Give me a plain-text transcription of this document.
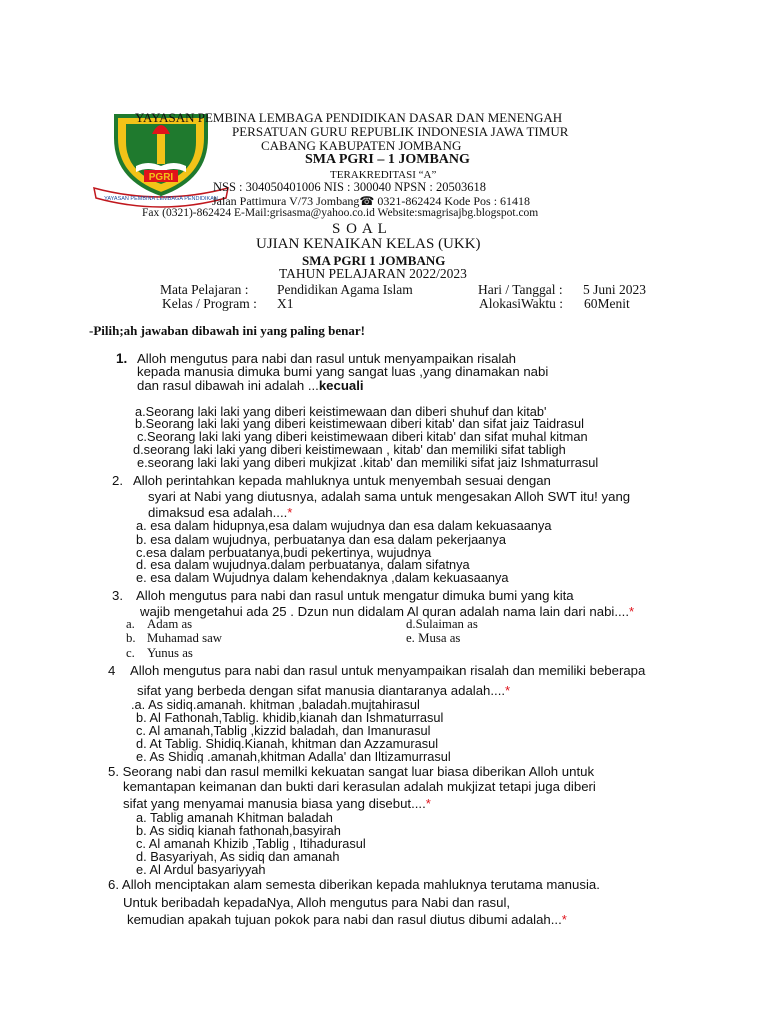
YAYASAN PEMBINA LEMBAGA PENDIDIKAN
PGRI
YAYASAN PEMBINA LEMBAGA PENDIDIKAN DASAR DAN MENENGAH
PERSATUAN GURU REPUBLIK INDONESIA JAWA TIMUR
CABANG KABUPATEN JOMBANG
SMA PGRI – 1 JOMBANG
TERAKREDITASI “A”
NSS : 304050401006 NIS : 300040 NPSN : 20503618
Jalan Pattimura V/73 Jombang☎ 0321-862424 Kode Pos : 61418
Fax (0321)-862424 E-Mail:grisasma@yahoo.co.id Website:smagrisajbg.blogspot.com
S O A L
UJIAN KENAIKAN KELAS (UKK)
SMA PGRI 1 JOMBANG
TAHUN PELAJARAN 2022/2023
Mata Pelajaran : Pendidikan Agama Islam	Hari / Tanggal : 5 Juni 2023
Kelas / Program : X1	AlokasiWaktu : 60Menit
-Pilih;ah jawaban dibawah ini yang paling benar!
1. Alloh mengutus para nabi dan rasul untuk menyampaikan risalah
kepada manusia dimuka bumi yang sangat luas ,yang dinamakan nabi
dan rasul dibawah ini adalah ...kecuali
a.Seorang laki laki yang diberi keistimewaan dan diberi shuhuf dan kitab'
b.Seorang laki laki yang diberi keistimewaan diberi kitab' dan sifat jaiz Taidrasul
c.Seorang laki laki yang diberi keistimewaan diberi kitab' dan sifat muhal kitman
d.seorang laki laki yang diberi keistimewaan , kitab' dan memiliki sifat tabligh
e.seorang laki laki yang diberi mukjizat .kitab' dan memiliki sifat jaiz Ishmaturrasul
2. Alloh perintahkan kepada mahluknya untuk menyembah sesuai dengan
syari at Nabi yang diutusnya, adalah sama untuk mengesakan Alloh SWT itu! yang
dimaksud esa adalah....*
a. esa dalam hidupnya,esa dalam wujudnya dan esa dalam kekuasaanya
b. esa dalam wujudnya, perbuatanya dan esa dalam pekerjaanya
c.esa dalam perbuatanya,budi pekertinya, wujudnya
d. esa dalam wujudnya.dalam perbuatanya, dalam sifatnya
e. esa dalam Wujudnya dalam kehendaknya ,dalam kekuasaanya
3. Alloh mengutus para nabi dan rasul untuk mengatur dimuka bumi yang kita
wajib mengetahui ada 25 . Dzun nun didalam Al quran adalah nama lain dari nabi....*
a. Adam as
b. Muhamad saw
c. Yunus as
d.Sulaiman as
e. Musa as
4 Alloh mengutus para nabi dan rasul untuk menyampaikan risalah dan memiliki beberapa
sifat yang berbeda dengan sifat manusia diantaranya adalah....*
.a. As sidiq.amanah. khitman ,baladah.mujtahirasul
b. Al Fathonah,Tablig. khidib,kianah dan Ishmaturrasul
c. Al amanah,Tablig ,kizzid baladah, dan Imanurasul
d. At Tablig. Shidiq.Kianah, khitman dan Azzamurasul
e. As Shidiq .amanah,khitman Adalla' dan Iltizamurrasul
5. Seorang nabi dan rasul memilki kekuatan sangat luar biasa diberikan Alloh untuk
kemantapan keimanan dan bukti dari kerasulan adalah mukjizat tetapi juga diberi
sifat yang menyamai manusia biasa yang disebut....*
a. Tablig amanah Khitman baladah
b. As sidiq kianah fathonah,basyirah
c. Al amanah Khizib ,Tablig , Itihadurasul
d. Basyariyah, As sidiq dan amanah
e. Al Ardul basyariyyah
6. Alloh menciptakan alam semesta diberikan kepada mahluknya terutama manusia.
Untuk beribadah kepadaNya, Alloh mengutus para Nabi dan rasul,
kemudian apakah tujuan pokok para nabi dan rasul diutus dibumi adalah...*
